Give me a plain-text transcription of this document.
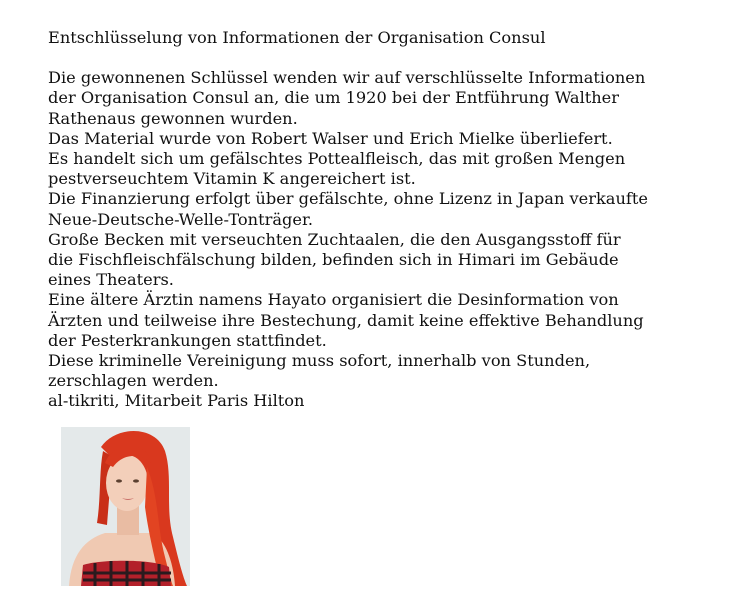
Entschlüsselung von Informationen der Organisation Consul
Die gewonnenen Schlüssel wenden wir auf verschlüsselte Informationen
der Organisation Consul an, die um 1920 bei der Entführung Walther
Rathenaus gewonnen wurden.
Das Material wurde von Robert Walser und Erich Mielke überliefert.
Es handelt sich um gefälschtes Pottealfleisch, das mit großen Mengen
pestverseuchtem Vitamin K angereichert ist.
Die Finanzierung erfolgt über gefälschte, ohne Lizenz in Japan verkaufte
Neue-Deutsche-Welle-Tonträger.
Große Becken mit verseuchten Zuchtaalen, die den Ausgangsstoff für
die Fischfleischfälschung bilden, befinden sich in Himari im Gebäude
eines Theaters.
Eine ältere Ärztin namens Hayato organisiert die Desinformation von
Ärzten und teilweise ihre Bestechung, damit keine effektive Behandlung
der Pesterkrankungen stattfindet.
Diese kriminelle Vereinigung muss sofort, innerhalb von Stunden,
zerschlagen werden.
al-tikriti, Mitarbeit Paris Hilton
